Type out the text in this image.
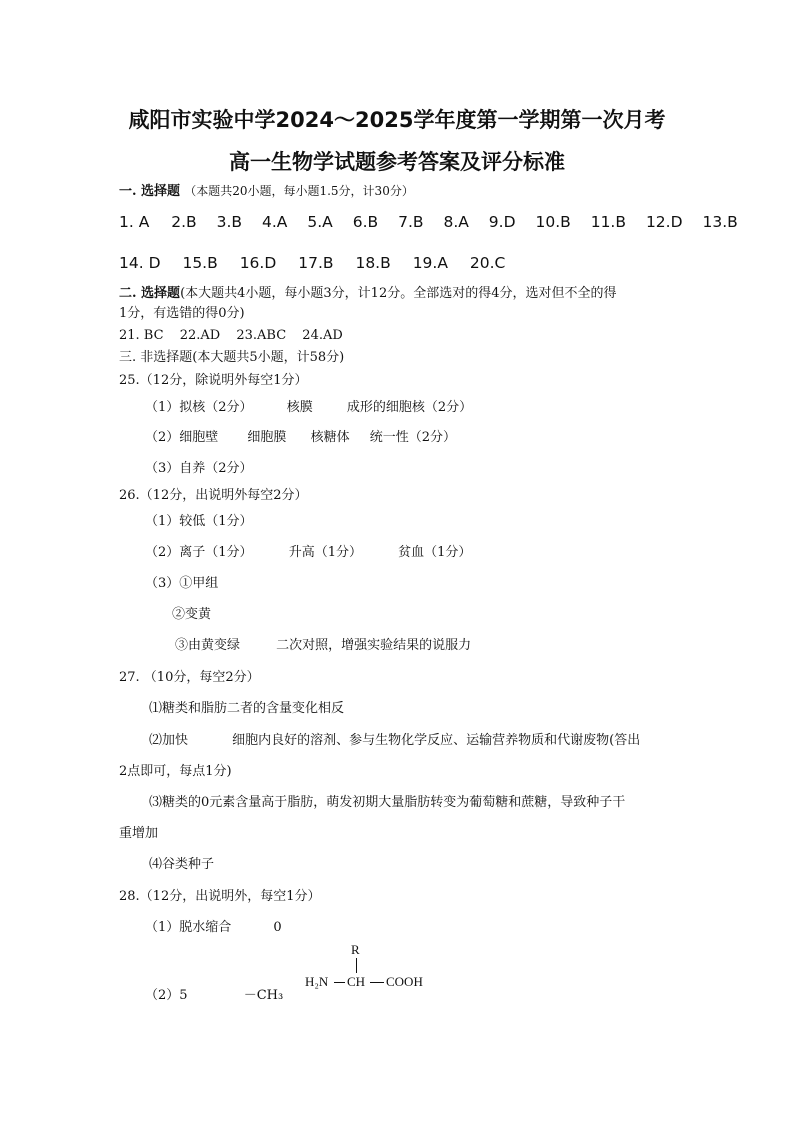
咸阳市实验中学2024～2025学年度第一学期第一次月考
高一生物学试题参考答案及评分标准
一. 选择题 （本题共20小题，每小题1.5分，计30分）
1. A 2.B 3.B 4.A 5.A 6.B 7.B 8.A 9.D 10.B 11.B 12.D 13.B
14. D 15.B 16.D 17.B 18.B 19.A 20.C
二. 选择题(本大题共4小题，每小题3分，计12分。全部选对的得4分，选对但不全的得
1分，有选错的得0分)
21. BC 22.AD 23.ABC 24.AD
三. 非选择题(本大题共5小题，计58分)
25.（12分，除说明外每空1分）
（1）拟核（2分）	核膜	成形的细胞核（2分）
（2）细胞壁 细胞膜 核糖体 统一性（2分）
（3）自养（2分）
26.（12分，出说明外每空2分）
（1）较低（1分）
（2）离子（1分）	升高（1分）	贫血（1分）
（3）①甲组
②变黄
③由黄变绿	二次对照，增强实验结果的说服力
27. （10分，每空2分）
⑴糖类和脂肪二者的含量变化相反
⑵加快	细胞内良好的溶剂、参与生物化学反应、运输营养物质和代谢废物(答出
2点即可，每点1分)
⑶糖类的0元素含量高于脂肪，萌发初期大量脂肪转变为葡萄糖和蔗糖，导致种子干
重增加
⑷谷类种子
28.（12分，出说明外，每空1分）
（1）脱水缩合	0
（2）5	－CH₃
R
H₂N CH COOH
